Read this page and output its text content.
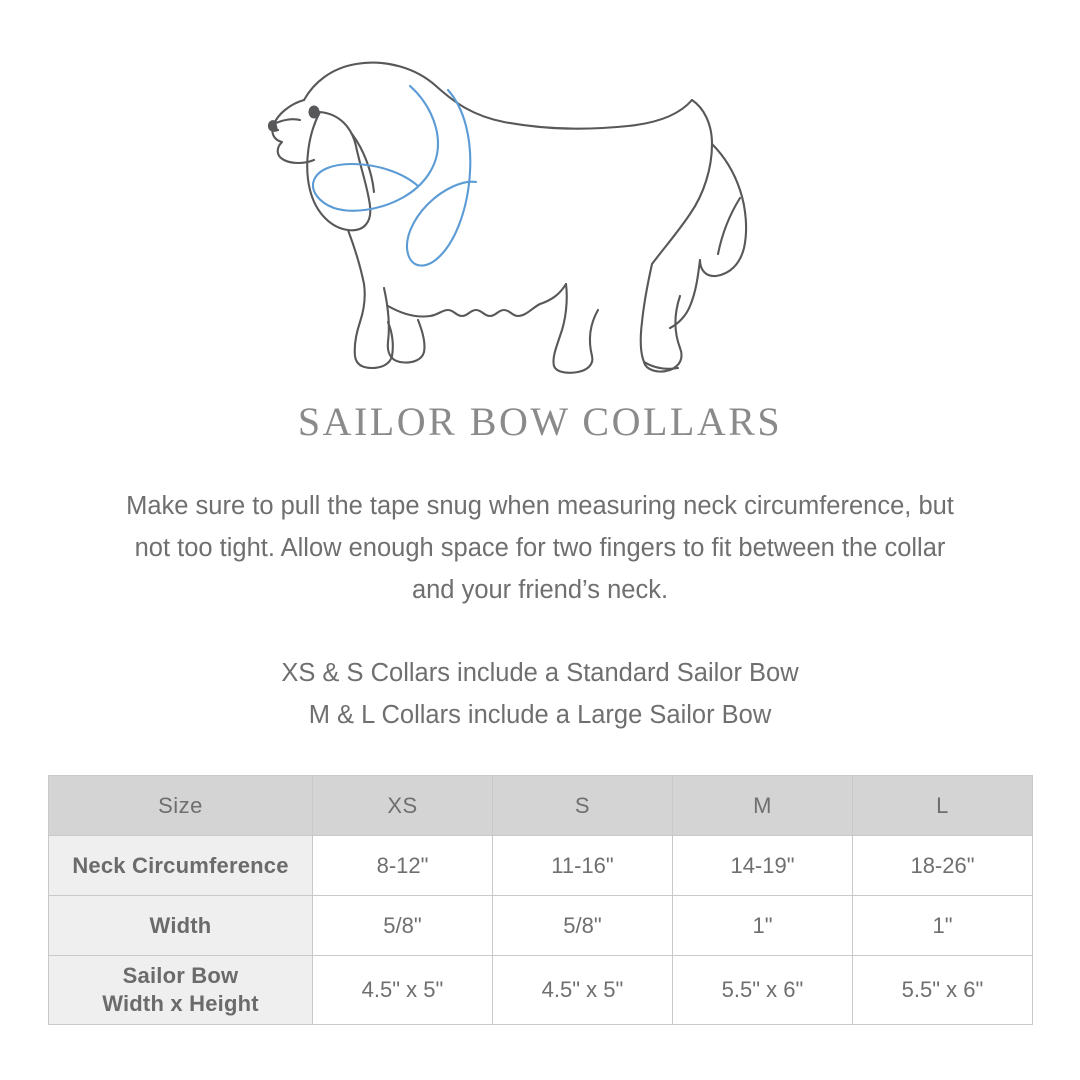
SAILOR BOW COLLARS
Make sure to pull the tape snug when measuring neck circumference, but not too tight. Allow enough space for two fingers to fit between the collar and your friend’s neck.
XS & S Collars include a Standard Sailor Bow
M & L Collars include a Large Sailor Bow
Size	XS	S	M	L
Neck Circumference	8-12"	11-16"	14-19"	18-26"
Width	5/8"	5/8"	1"	1"

Sailor Bow
Width x Height	4.5" x 5"	4.5" x 5"	5.5" x 6"	5.5" x 6"
